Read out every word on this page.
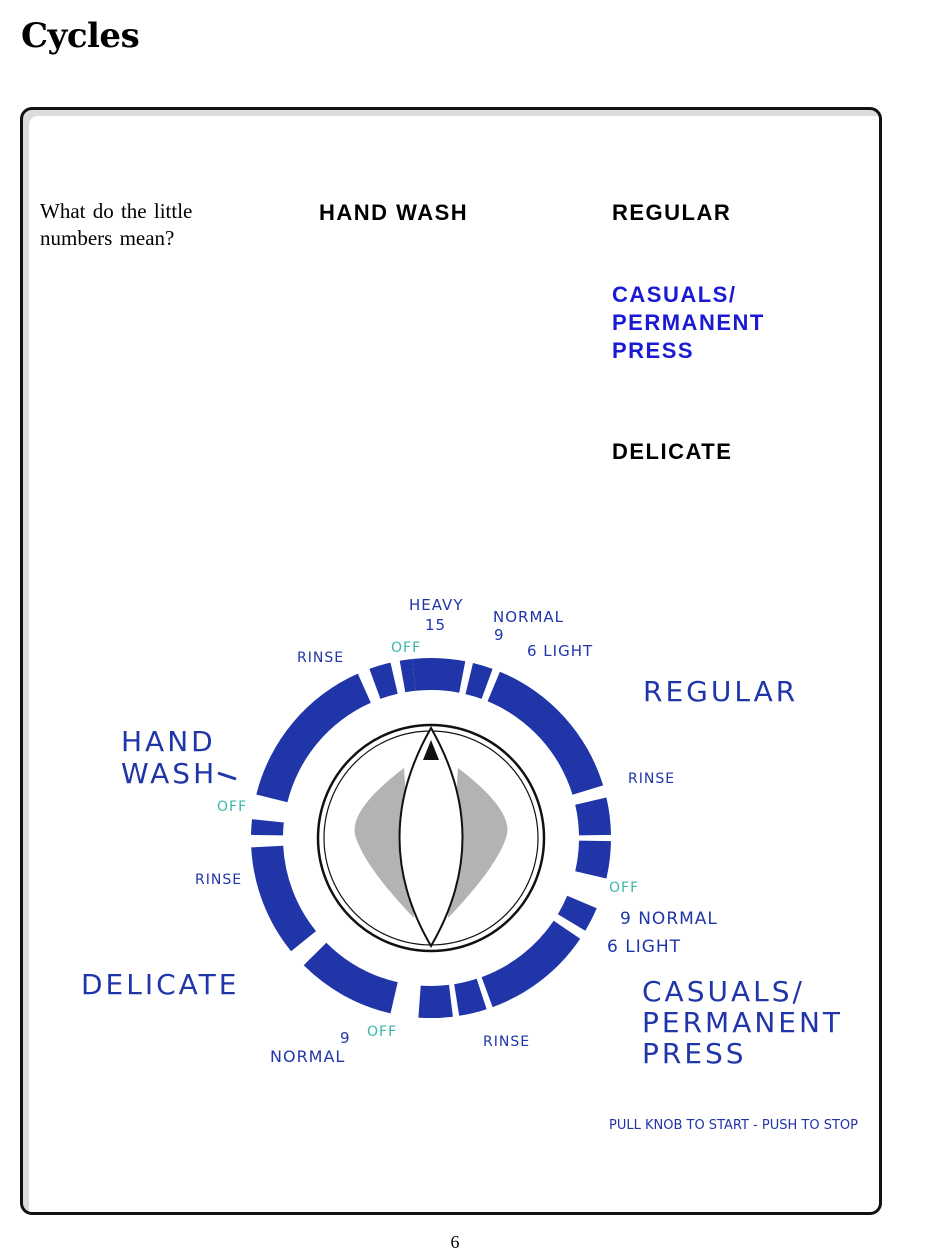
Cycles
What do the little numbers mean?
HAND WASH	REGULAR
CASUALS/
PERMANENT
PRESS
DELICATE
REGULAR
HAND
WASH
DELICATE	CASUALS/
PERMANENT
PRESS
HEAVY
15	NORMAL
9
6 LIGHT
RINSE
OFF
RINSE
OFF
9 NORMAL
6 LIGHT
OFF
RINSE
9
NORMAL
OFF
RINSE
PULL KNOB TO START - PUSH TO STOP
6
